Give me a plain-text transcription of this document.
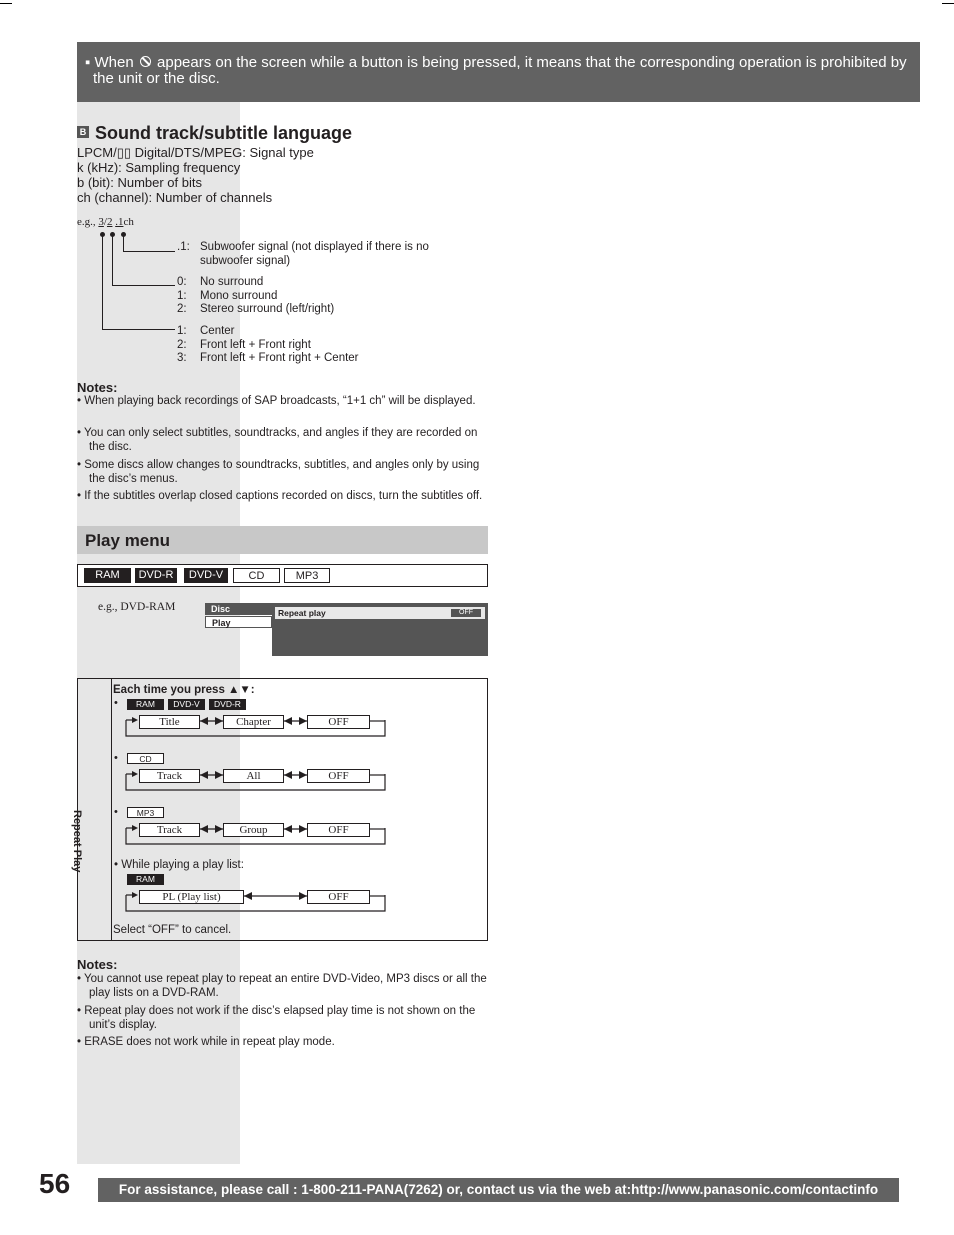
▪ When appears on the screen while a button is being pressed, it means that the corresponding operation is prohibited by the unit or the disc.
B Sound track/subtitle language
LPCM/▯▯ Digital/DTS/MPEG: Signal type
k (kHz): Sampling frequency
b (bit): Number of bits
ch (channel): Number of channels
e.g., 3/2 .1ch
.1: Subwoofer signal (not displayed if there is no
subwoofer signal)
0: No surround
1: Mono surround
2: Stereo surround (left/right)
1: Center
2: Front left + Front right
3: Front left + Front right + Center
Notes:
• When playing back recordings of SAP broadcasts, “1+1 ch” will be displayed.
• You can only select subtitles, soundtracks, and angles if they are recorded on the disc.
• Some discs allow changes to soundtracks, subtitles, and angles only by using the disc’s menus.
• If the subtitles overlap closed captions recorded on discs, turn the subtitles off.
Play menu
RAM	DVD-R	DVD-V	CD	MP3
e.g., DVD-RAM	Disc
Play
Repeat play	OFF
Repeat Play
Each time you press ▲▼:
•	RAM	DVD-V	DVD-R
Title	Chapter	OFF
•	CD
Track	All	OFF
•	MP3
Track	Group	OFF
• While playing a play list:
RAM
PL (Play list)	OFF
Select “OFF” to cancel.
Notes:
• You cannot use repeat play to repeat an entire DVD-Video, MP3 discs or all the play lists on a DVD-RAM.
• Repeat play does not work if the disc’s elapsed play time is not shown on the unit’s display.
• ERASE does not work while in repeat play mode.
56	For assistance, please call : 1-800-211-PANA(7262) or, contact us via the web at:http://www.panasonic.com/contactinfo
